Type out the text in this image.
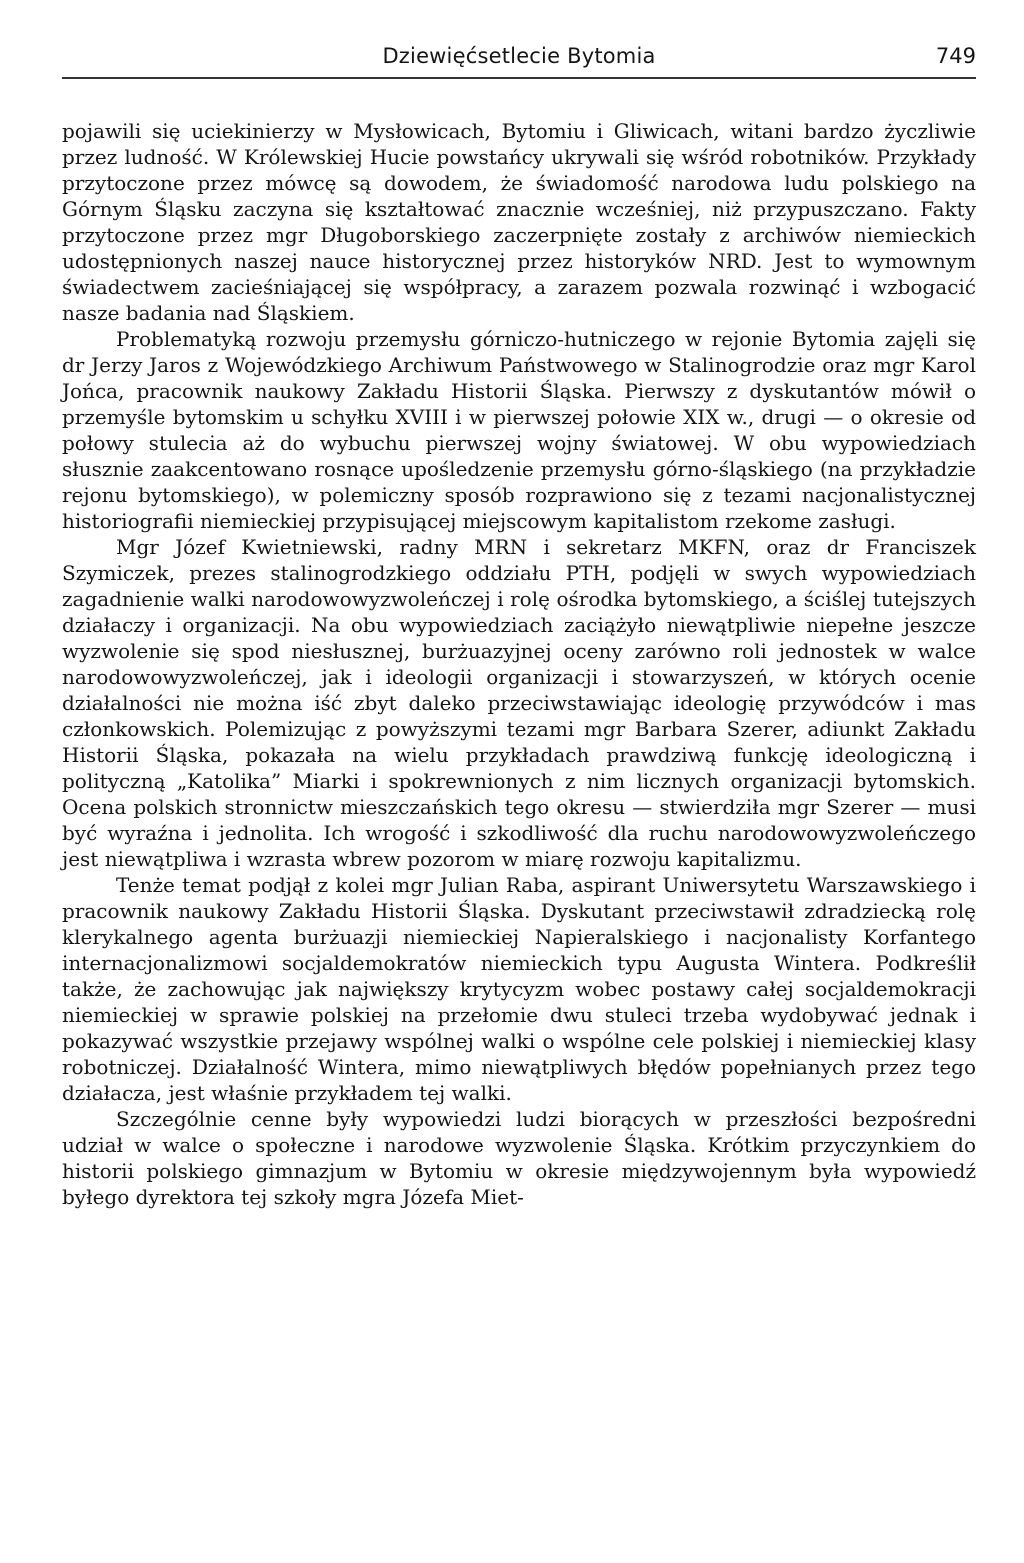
Dziewięćsetlecie Bytomia	749

pojawili się uciekinierzy w Mysłowicach, Bytomiu i Gliwicach, witani bardzo życzliwie przez ludność. W Królewskiej Hucie powstańcy ukrywali się wśród robotników. Przykłady przytoczone przez mówcę są dowodem, że świadomość narodowa ludu polskiego na Górnym Śląsku zaczyna się kształtować znacznie wcześniej, niż przypuszczano. Fakty przytoczone przez mgr Długoborskiego zaczerpnięte zostały z archiwów niemieckich udostępnionych naszej nauce historycznej przez historyków NRD. Jest to wymownym świadectwem zacieśniającej się współpracy, a zarazem pozwala rozwinąć i wzbogacić nasze badania nad Śląskiem.

Problematyką rozwoju przemysłu górniczo-hutniczego w rejonie Bytomia zajęli się dr Jerzy Jaros z Wojewódzkiego Archiwum Państwowego w Stalinogrodzie oraz mgr Karol Jońca, pracownik naukowy Zakładu Historii Śląska. Pierwszy z dyskutantów mówił o przemyśle bytomskim u schyłku XVIII i w pierwszej połowie XIX w., drugi — o okresie od połowy stulecia aż do wybuchu pierwszej wojny światowej. W obu wypowiedziach słusznie zaakcentowano rosnące upośledzenie przemysłu górno-śląskiego (na przykładzie rejonu bytomskiego), w polemiczny sposób rozprawiono się z tezami nacjonalistycznej historiografii niemieckiej przypisującej miejscowym kapitalistom rzekome zasługi.

Mgr Józef Kwietniewski, radny MRN i sekretarz MKFN, oraz dr Franciszek Szymiczek, prezes stalinogrodzkiego oddziału PTH, podjęli w swych wypowiedziach zagadnienie walki narodowowyzwoleńczej i rolę ośrodka bytomskiego, a ściślej tutejszych działaczy i organizacji. Na obu wypowiedziach zaciążyło niewątpliwie niepełne jeszcze wyzwolenie się spod niesłusznej, burżuazyjnej oceny zarówno roli jednostek w walce narodowowyzwoleńczej, jak i ideologii organizacji i stowarzyszeń, w których ocenie działalności nie można iść zbyt daleko przeciwstawiając ideologię przywódców i mas członkowskich. Polemizując z powyższymi tezami mgr Barbara Szerer, adiunkt Zakładu Historii Śląska, pokazała na wielu przykładach prawdziwą funkcję ideologiczną i polityczną „Katolika” Miarki i spokrewnionych z nim licznych organizacji bytomskich. Ocena polskich stronnictw mieszczańskich tego okresu — stwierdziła mgr Szerer — musi być wyraźna i jednolita. Ich wrogość i szkodliwość dla ruchu narodowowyzwoleńczego jest niewątpliwa i wzrasta wbrew pozorom w miarę rozwoju kapitalizmu.

Tenże temat podjął z kolei mgr Julian Raba, aspirant Uniwersytetu Warszawskiego i pracownik naukowy Zakładu Historii Śląska. Dyskutant przeciwstawił zdradziecką rolę klerykalnego agenta burżuazji niemieckiej Napieralskiego i nacjonalisty Korfantego internacjonalizmowi socjaldemokratów niemieckich typu Augusta Wintera. Podkreślił także, że zachowując jak największy krytycyzm wobec postawy całej socjaldemokracji niemieckiej w sprawie polskiej na przełomie dwu stuleci trzeba wydobywać jednak i pokazywać wszystkie przejawy wspólnej walki o wspólne cele polskiej i niemieckiej klasy robotniczej. Działalność Wintera, mimo niewątpliwych błędów popełnianych przez tego działacza, jest właśnie przykładem tej walki.

Szczególnie cenne były wypowiedzi ludzi biorących w przeszłości bezpośredni udział w walce o społeczne i narodowe wyzwolenie Śląska. Krótkim przyczynkiem do historii polskiego gimnazjum w Bytomiu w okresie międzywojennym była wypowiedź byłego dyrektora tej szkoły mgra Józefa Miet-
